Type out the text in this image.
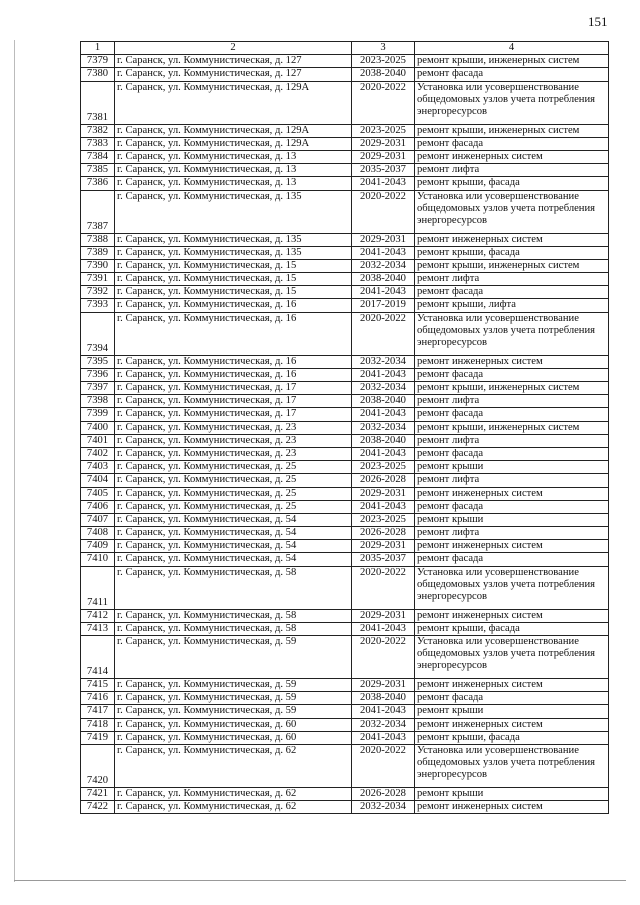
151
1	2	3	4
7379	г. Саранск, ул. Коммунистическая, д. 127	2023-2025	ремонт крыши, инженерных систем
7380	г. Саранск, ул. Коммунистическая, д. 127	2038-2040	ремонт фасада
7381	г. Саранск, ул. Коммунистическая, д. 129А	2020-2022	Установка или усовершенствование общедомовых узлов учета потребления энергоресурсов
7382	г. Саранск, ул. Коммунистическая, д. 129А	2023-2025	ремонт крыши, инженерных систем
7383	г. Саранск, ул. Коммунистическая, д. 129А	2029-2031	ремонт фасада
7384	г. Саранск, ул. Коммунистическая, д. 13	2029-2031	ремонт инженерных систем
7385	г. Саранск, ул. Коммунистическая, д. 13	2035-2037	ремонт лифта
7386	г. Саранск, ул. Коммунистическая, д. 13	2041-2043	ремонт крыши, фасада
7387	г. Саранск, ул. Коммунистическая, д. 135	2020-2022	Установка или усовершенствование общедомовых узлов учета потребления энергоресурсов
7388	г. Саранск, ул. Коммунистическая, д. 135	2029-2031	ремонт инженерных систем
7389	г. Саранск, ул. Коммунистическая, д. 135	2041-2043	ремонт крыши, фасада
7390	г. Саранск, ул. Коммунистическая, д. 15	2032-2034	ремонт крыши, инженерных систем
7391	г. Саранск, ул. Коммунистическая, д. 15	2038-2040	ремонт лифта
7392	г. Саранск, ул. Коммунистическая, д. 15	2041-2043	ремонт фасада
7393	г. Саранск, ул. Коммунистическая, д. 16	2017-2019	ремонт крыши, лифта
7394	г. Саранск, ул. Коммунистическая, д. 16	2020-2022	Установка или усовершенствование общедомовых узлов учета потребления энергоресурсов
7395	г. Саранск, ул. Коммунистическая, д. 16	2032-2034	ремонт инженерных систем
7396	г. Саранск, ул. Коммунистическая, д. 16	2041-2043	ремонт фасада
7397	г. Саранск, ул. Коммунистическая, д. 17	2032-2034	ремонт крыши, инженерных систем
7398	г. Саранск, ул. Коммунистическая, д. 17	2038-2040	ремонт лифта
7399	г. Саранск, ул. Коммунистическая, д. 17	2041-2043	ремонт фасада
7400	г. Саранск, ул. Коммунистическая, д. 23	2032-2034	ремонт крыши, инженерных систем
7401	г. Саранск, ул. Коммунистическая, д. 23	2038-2040	ремонт лифта
7402	г. Саранск, ул. Коммунистическая, д. 23	2041-2043	ремонт фасада
7403	г. Саранск, ул. Коммунистическая, д. 25	2023-2025	ремонт крыши
7404	г. Саранск, ул. Коммунистическая, д. 25	2026-2028	ремонт лифта
7405	г. Саранск, ул. Коммунистическая, д. 25	2029-2031	ремонт инженерных систем
7406	г. Саранск, ул. Коммунистическая, д. 25	2041-2043	ремонт фасада
7407	г. Саранск, ул. Коммунистическая, д. 54	2023-2025	ремонт крыши
7408	г. Саранск, ул. Коммунистическая, д. 54	2026-2028	ремонт лифта
7409	г. Саранск, ул. Коммунистическая, д. 54	2029-2031	ремонт инженерных систем
7410	г. Саранск, ул. Коммунистическая, д. 54	2035-2037	ремонт фасада
7411	г. Саранск, ул. Коммунистическая, д. 58	2020-2022	Установка или усовершенствование общедомовых узлов учета потребления энергоресурсов
7412	г. Саранск, ул. Коммунистическая, д. 58	2029-2031	ремонт инженерных систем
7413	г. Саранск, ул. Коммунистическая, д. 58	2041-2043	ремонт крыши, фасада
7414	г. Саранск, ул. Коммунистическая, д. 59	2020-2022	Установка или усовершенствование общедомовых узлов учета потребления энергоресурсов
7415	г. Саранск, ул. Коммунистическая, д. 59	2029-2031	ремонт инженерных систем
7416	г. Саранск, ул. Коммунистическая, д. 59	2038-2040	ремонт фасада
7417	г. Саранск, ул. Коммунистическая, д. 59	2041-2043	ремонт крыши
7418	г. Саранск, ул. Коммунистическая, д. 60	2032-2034	ремонт инженерных систем
7419	г. Саранск, ул. Коммунистическая, д. 60	2041-2043	ремонт крыши, фасада
7420	г. Саранск, ул. Коммунистическая, д. 62	2020-2022	Установка или усовершенствование общедомовых узлов учета потребления энергоресурсов
7421	г. Саранск, ул. Коммунистическая, д. 62	2026-2028	ремонт крыши
7422	г. Саранск, ул. Коммунистическая, д. 62	2032-2034	ремонт инженерных систем
